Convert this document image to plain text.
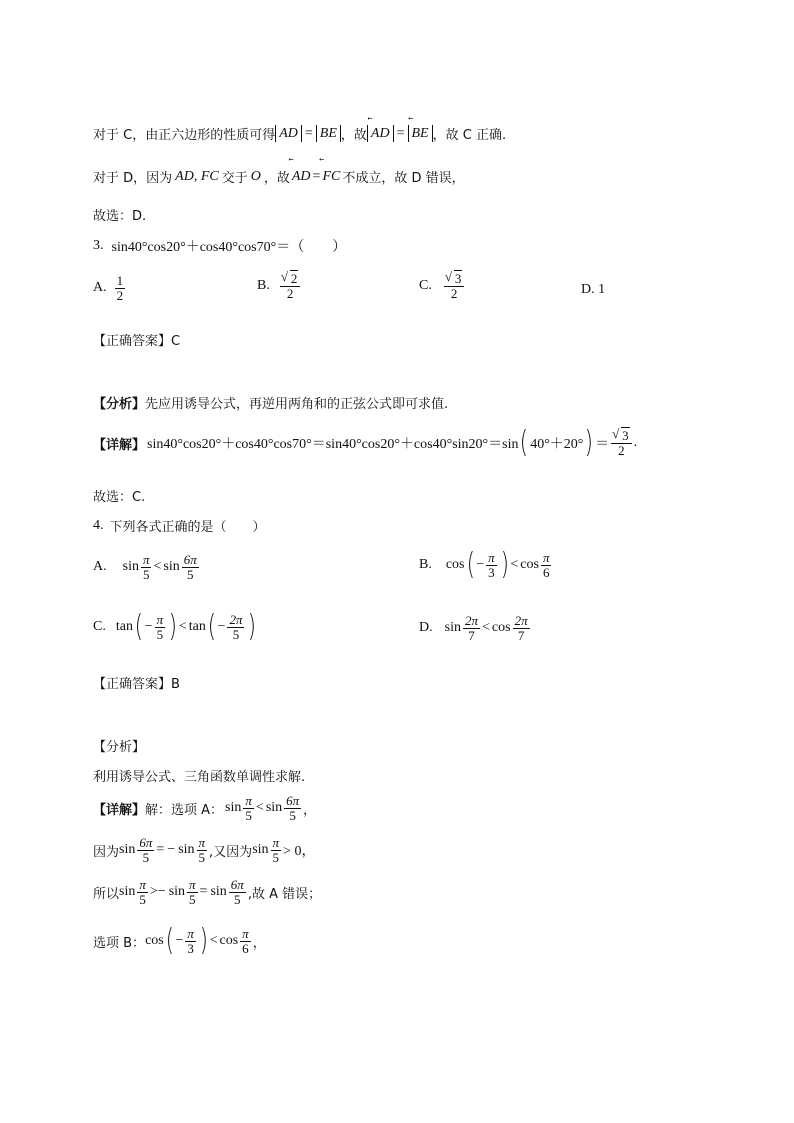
对于 C，由正六边形的性质可得 AD = BE ，故 ⃖⃖ AD = ⃖⃖ BE ，故 C 正确.
对于 D，因为 AD, FC 交于 O ，故 ⃖⃖ AD = ⃖⃖ FC 不成立，故 D 错误，
故选：D.
3. sin40°cos20°＋cos40°cos70°＝（　　）
A. $\frac{1}{2}$	B. √ $\frac{2}{2}$	C. √ $\frac{3}{2}$	D. 1
【正确答案】C
【分析】 先应用诱导公式，再逆用两角和的正弦公式即可求值.
【详解】 sin40°cos20°＋cos40°cos70°＝sin40°cos20°＋cos40°sin20°＝sin ( 40°＋20° ) ＝ √ $\frac{3}{2}$ .
故选：C.
4. 下列各式正确的是（　　）
A. $\sin \frac{\pi}{5} < \sin \frac{6\pi}{5}$	B. cos ( − $\frac{\pi}{3}$ ) < $\cos \frac{\pi}{6}$
C. tan ( − $\frac{\pi}{5}$ ) < tan ( − $\frac{2\pi}{5}$ )	D. $\sin \frac{2\pi}{7} < \cos \frac{2\pi}{7}$
【正确答案】B
【分析】
利用诱导公式、三角函数单调性求解.
【详解】 解：选项 A： $\sin \frac{\pi}{5} < \sin \frac{6\pi}{5}$ ，
因为 $\sin \frac{6\pi}{5}$ = − $\sin \frac{\pi}{5}$ ,又因为 $\sin \frac{\pi}{5} > 0$，
所以 $\sin \frac{\pi}{5}$ > − $\sin \frac{\pi}{5} = \sin \frac{6\pi}{5}$ ,故 A 错误；
选项 B： cos ( − $\frac{\pi}{3}$ ) < $\cos \frac{\pi}{6}$ ，
